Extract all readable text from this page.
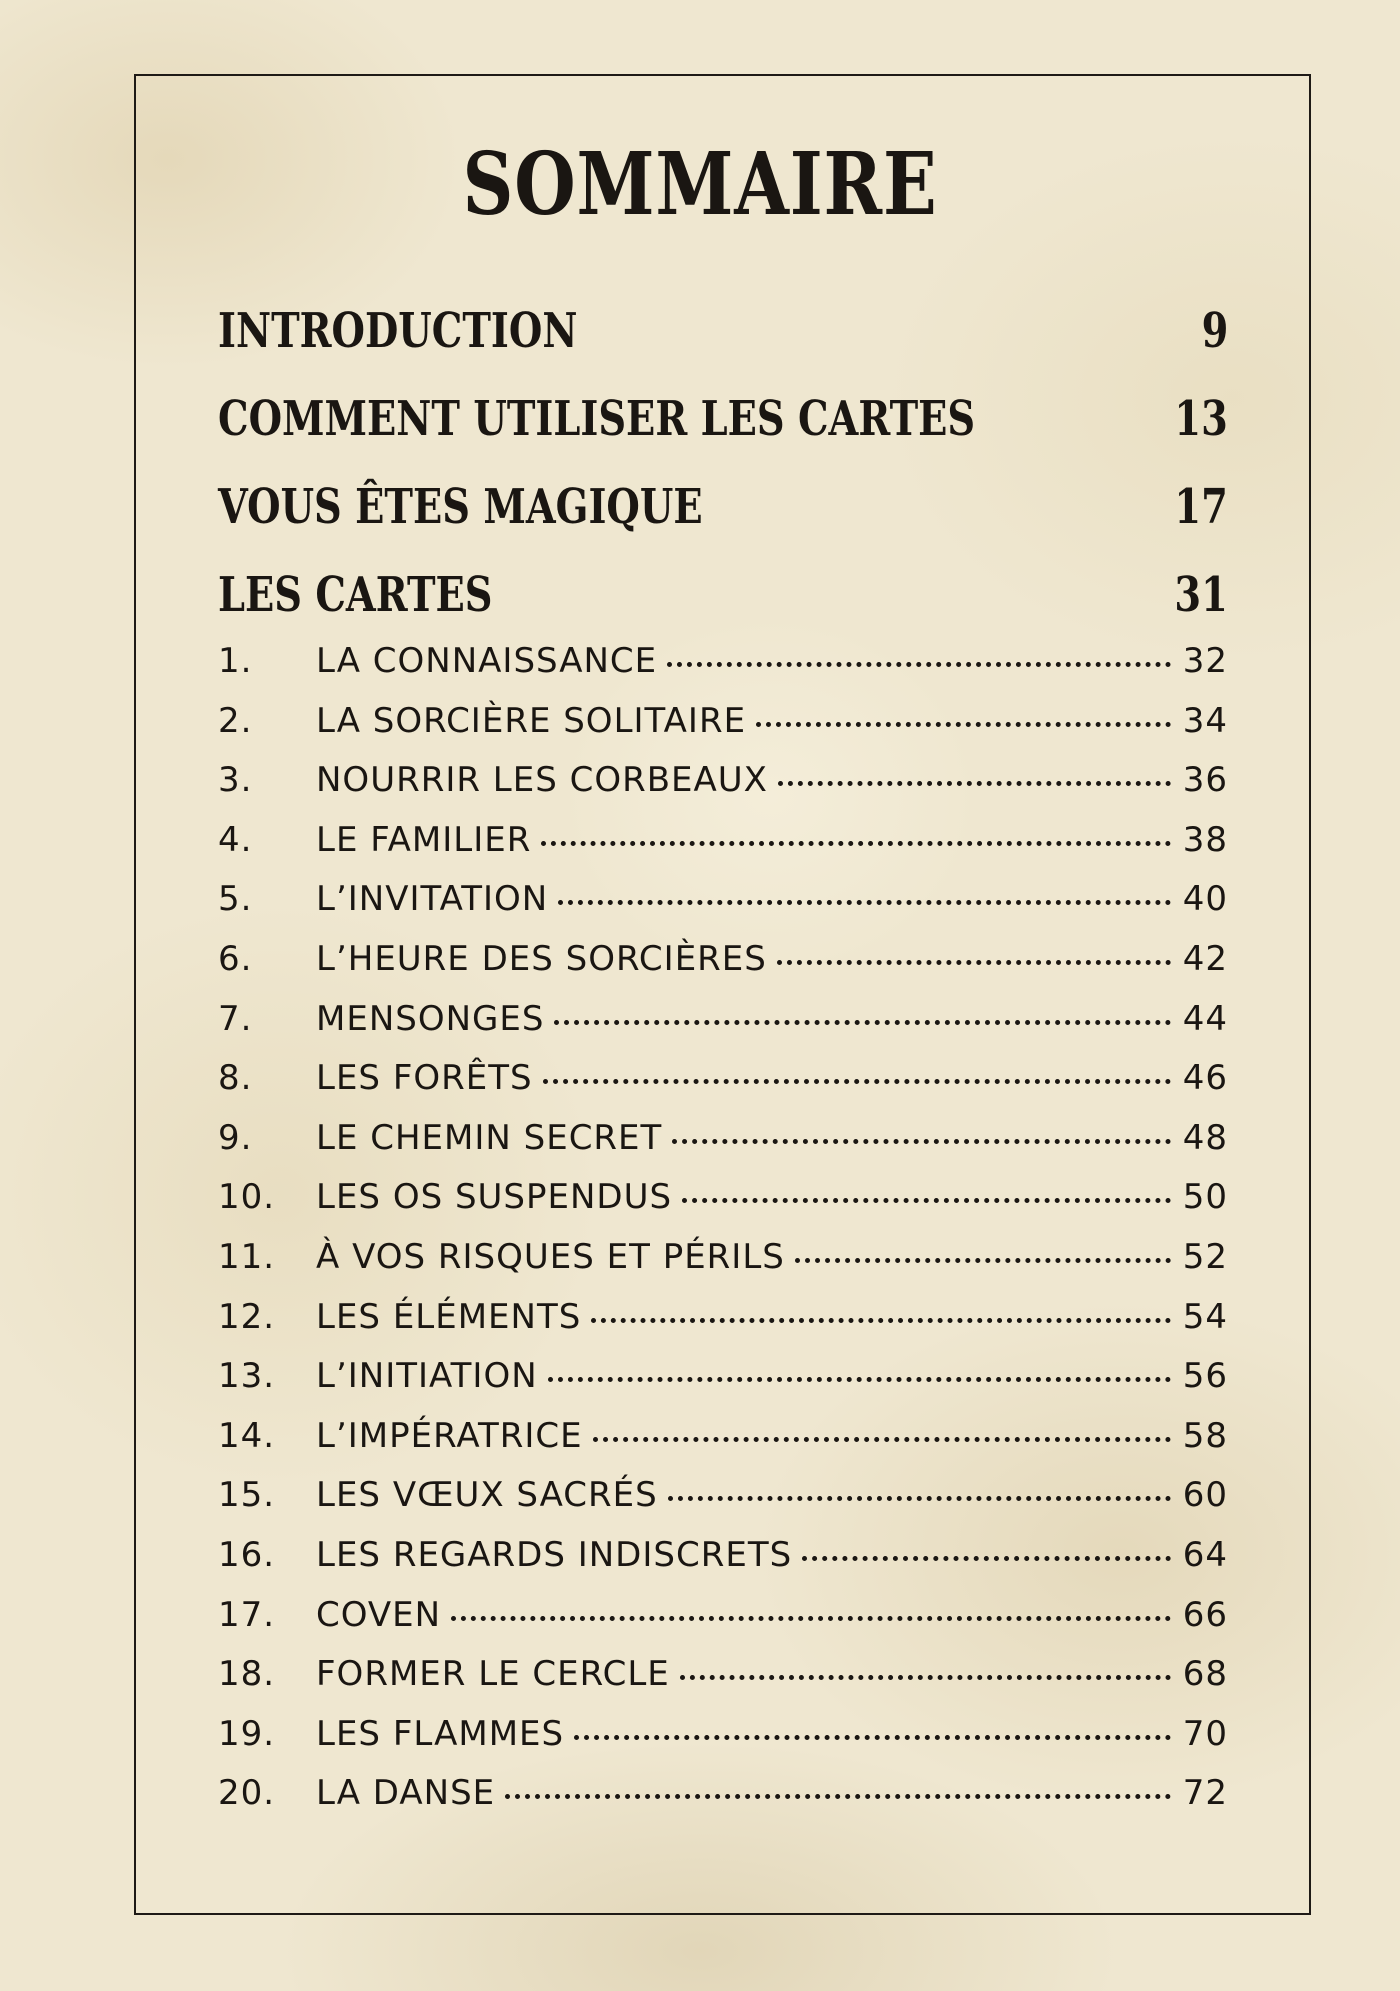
SOMMAIRE
INTRODUCTION	9
COMMENT UTILISER LES CARTES	13
VOUS ÊTES MAGIQUE	17
LES CARTES	31
1.	LA CONNAISSANCE	32
2.	LA SORCIÈRE SOLITAIRE	34
3.	NOURRIR LES CORBEAUX	36
4.	LE FAMILIER	38
5.	L’INVITATION	40
6.	L’HEURE DES SORCIÈRES	42
7.	MENSONGES	44
8.	LES FORÊTS	46
9.	LE CHEMIN SECRET	48
10.	LES OS SUSPENDUS	50
11.	À VOS RISQUES ET PÉRILS	52
12.	LES ÉLÉMENTS	54
13.	L’INITIATION	56
14.	L’IMPÉRATRICE	58
15.	LES VŒUX SACRÉS	60
16.	LES REGARDS INDISCRETS	64
17.	COVEN	66
18.	FORMER LE CERCLE	68
19.	LES FLAMMES	70
20.	LA DANSE	72
